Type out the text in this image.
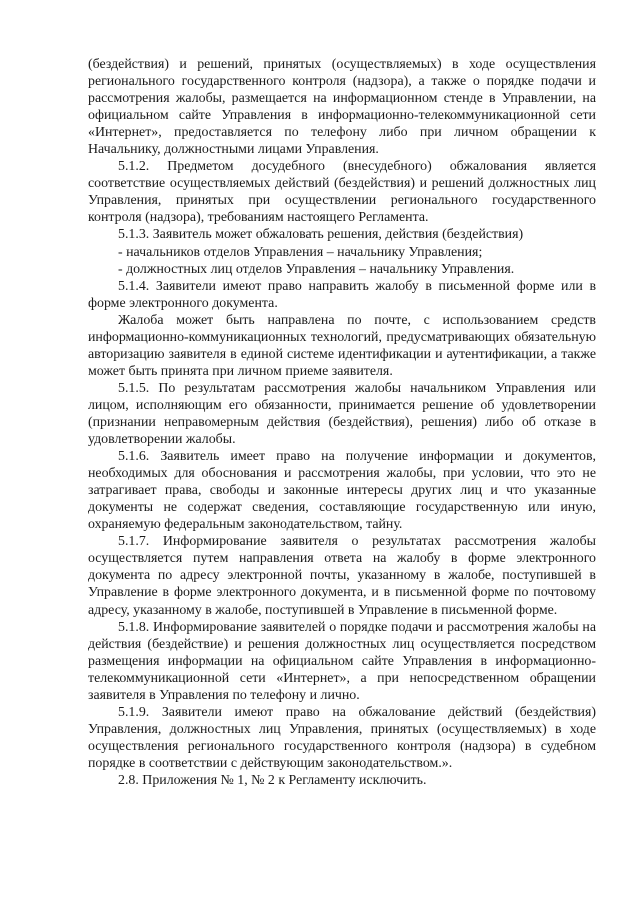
(бездействия) и решений, принятых (осуществляемых) в ходе осуществления регионального государственного контроля (надзора), а также о порядке подачи и рассмотрения жалобы, размещается на информационном стенде в Управлении, на официальном сайте Управления в информационно-телекоммуникационной сети «Интернет», предоставляется по телефону либо при личном обращении к Начальнику, должностными лицами Управления.

5.1.2. Предметом досудебного (внесудебного) обжалования является соответствие осуществляемых действий (бездействия) и решений должностных лиц Управления, принятых при осуществлении регионального государственного контроля (надзора), требованиям настоящего Регламента.

5.1.3. Заявитель может обжаловать решения, действия (бездействия)

- начальников отделов Управления – начальнику Управления;

- должностных лиц отделов Управления – начальнику Управления.

5.1.4. Заявители имеют право направить жалобу в письменной форме или в форме электронного документа.

Жалоба может быть направлена по почте, с использованием средств информационно-коммуникационных технологий, предусматривающих обязательную авторизацию заявителя в единой системе идентификации и аутентификации, а также может быть принята при личном приеме заявителя.

5.1.5. По результатам рассмотрения жалобы начальником Управления или лицом, исполняющим его обязанности, принимается решение об удовлетворении (признании неправомерным действия (бездействия), решения) либо об отказе в удовлетворении жалобы.

5.1.6. Заявитель имеет право на получение информации и документов, необходимых для обоснования и рассмотрения жалобы, при условии, что это не затрагивает права, свободы и законные интересы других лиц и что указанные документы не содержат сведения, составляющие государственную или иную, охраняемую федеральным законодательством, тайну.

5.1.7. Информирование заявителя о результатах рассмотрения жалобы осуществляется путем направления ответа на жалобу в форме электронного документа по адресу электронной почты, указанному в жалобе, поступившей в Управление в форме электронного документа, и в письменной форме по почтовому адресу, указанному в жалобе, поступившей в Управление в письменной форме.

5.1.8. Информирование заявителей о порядке подачи и рассмотрения жалобы на действия (бездействие) и решения должностных лиц осуществляется посредством размещения информации на официальном сайте Управления в информационно-телекоммуникационной сети «Интернет», а при непосредственном обращении заявителя в Управления по телефону и лично.

5.1.9. Заявители имеют право на обжалование действий (бездействия) Управления, должностных лиц Управления, принятых (осуществляемых) в ходе осуществления регионального государственного контроля (надзора) в судебном порядке в соответствии с действующим законодательством.».

2.8. Приложения № 1, № 2 к Регламенту исключить.
